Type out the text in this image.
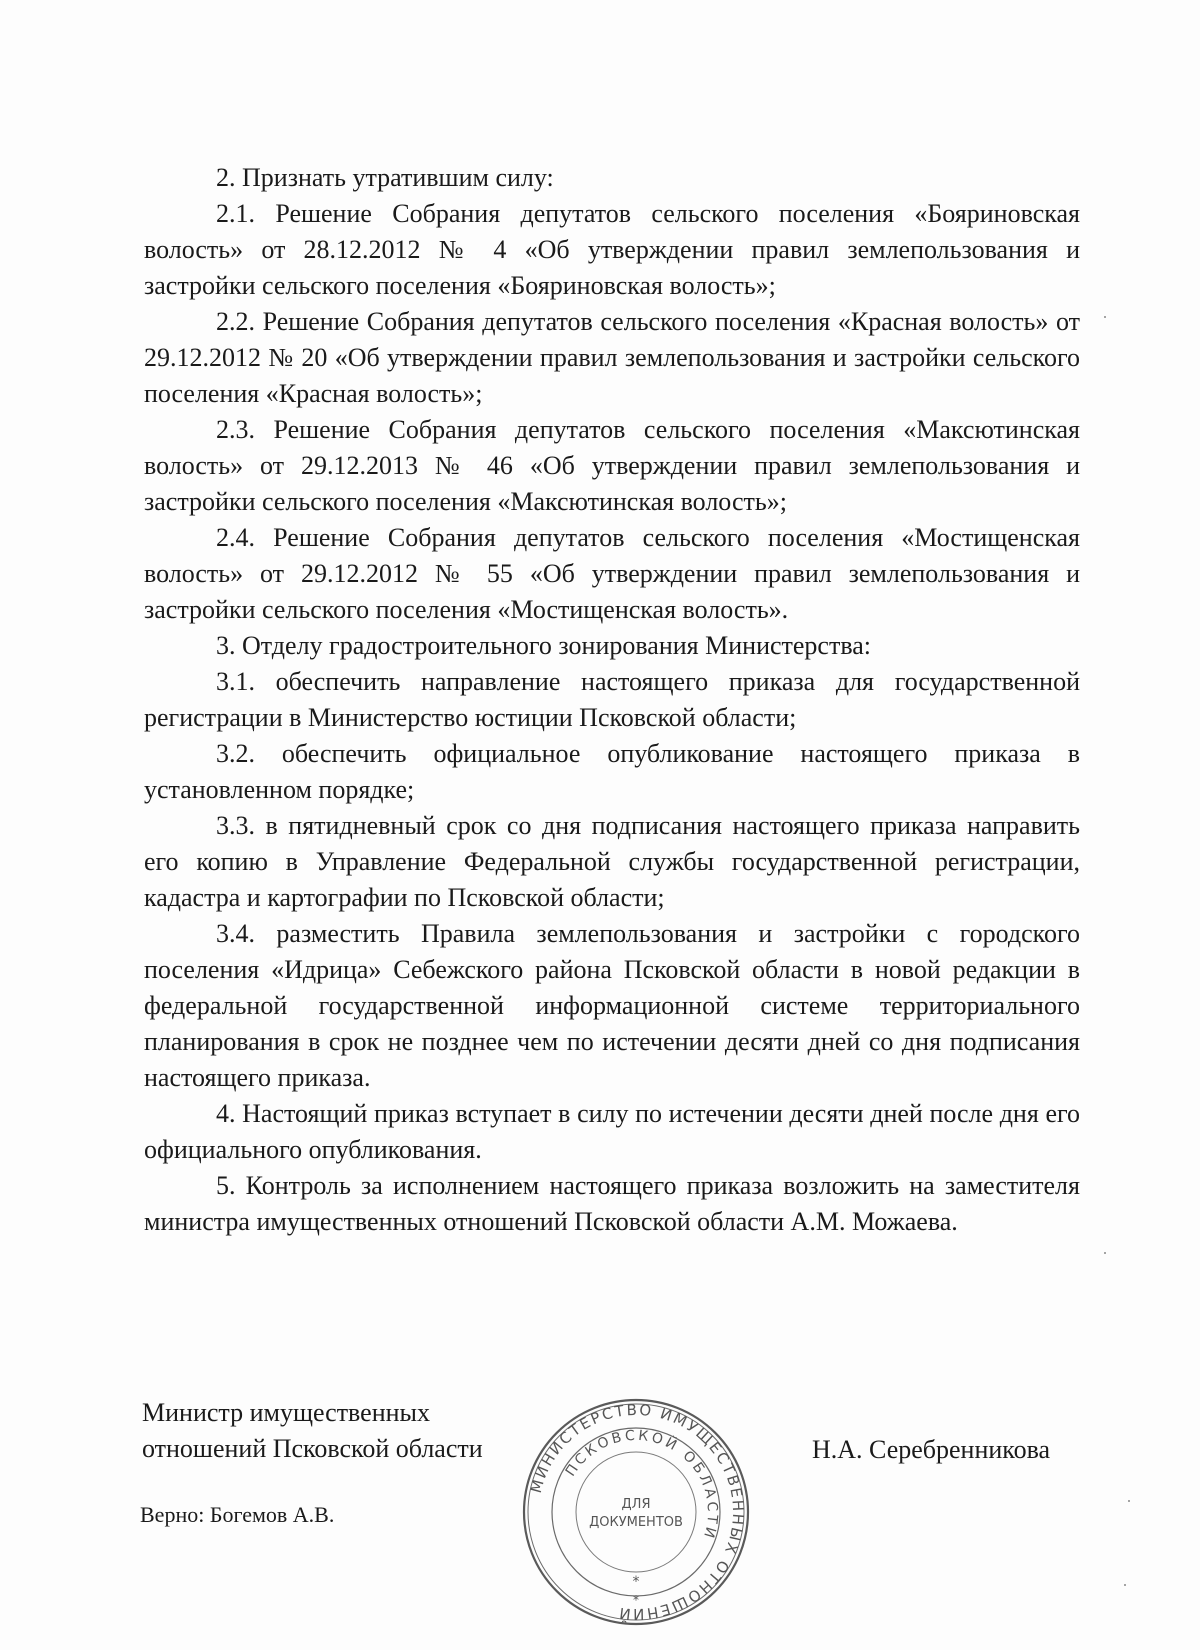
2. Признать утратившим силу:

2.1. Решение Собрания депутатов сельского поселения «Бояриновская волость» от 28.12.2012 № 4 «Об утверждении правил землепользования и застройки сельского поселения «Бояриновская волость»;

2.2. Решение Собрания депутатов сельского поселения «Красная волость» от 29.12.2012 № 20 «Об утверждении правил землепользования и застройки сельского поселения «Красная волость»;

2.3. Решение Собрания депутатов сельского поселения «Максютинская волость» от 29.12.2013 № 46 «Об утверждении правил землепользования и застройки сельского поселения «Максютинская волость»;

2.4. Решение Собрания депутатов сельского поселения «Мостищенская волость» от 29.12.2012 № 55 «Об утверждении правил землепользования и застройки сельского поселения «Мостищенская волость».

3. Отделу градостроительного зонирования Министерства:

3.1. обеспечить направление настоящего приказа для государственной регистрации в Министерство юстиции Псковской области;

3.2. обеспечить официальное опубликование настоящего приказа в установленном порядке;

3.3. в пятидневный срок со дня подписания настоящего приказа направить его копию в Управление Федеральной службы государственной регистрации, кадастра и картографии по Псковской области;

3.4. разместить Правила землепользования и застройки с городского поселения «Идрица» Себежского района Псковской области в новой редакции в федеральной государственной информационной системе территориального планирования в срок не позднее чем по истечении десяти дней со дня подписания настоящего приказа.

4. Настоящий приказ вступает в силу по истечении десяти дней после дня его официального опубликования.

5. Контроль за исполнением настоящего приказа возложить на заместителя министра имущественных отношений Псковской области А.М. Можаева.

Министр имущественных
отношений Псковской области
МИНИСТЕРСТВО ИМУЩЕСТВЕННЫХ ОТНОШЕНИЙ
ПСКОВСКОЙ ОБЛАСТИ
ДЛЯ
ДОКУМЕНТОВ
*
*
Н.А. Серебренникова
Верно: Богемов А.В.
